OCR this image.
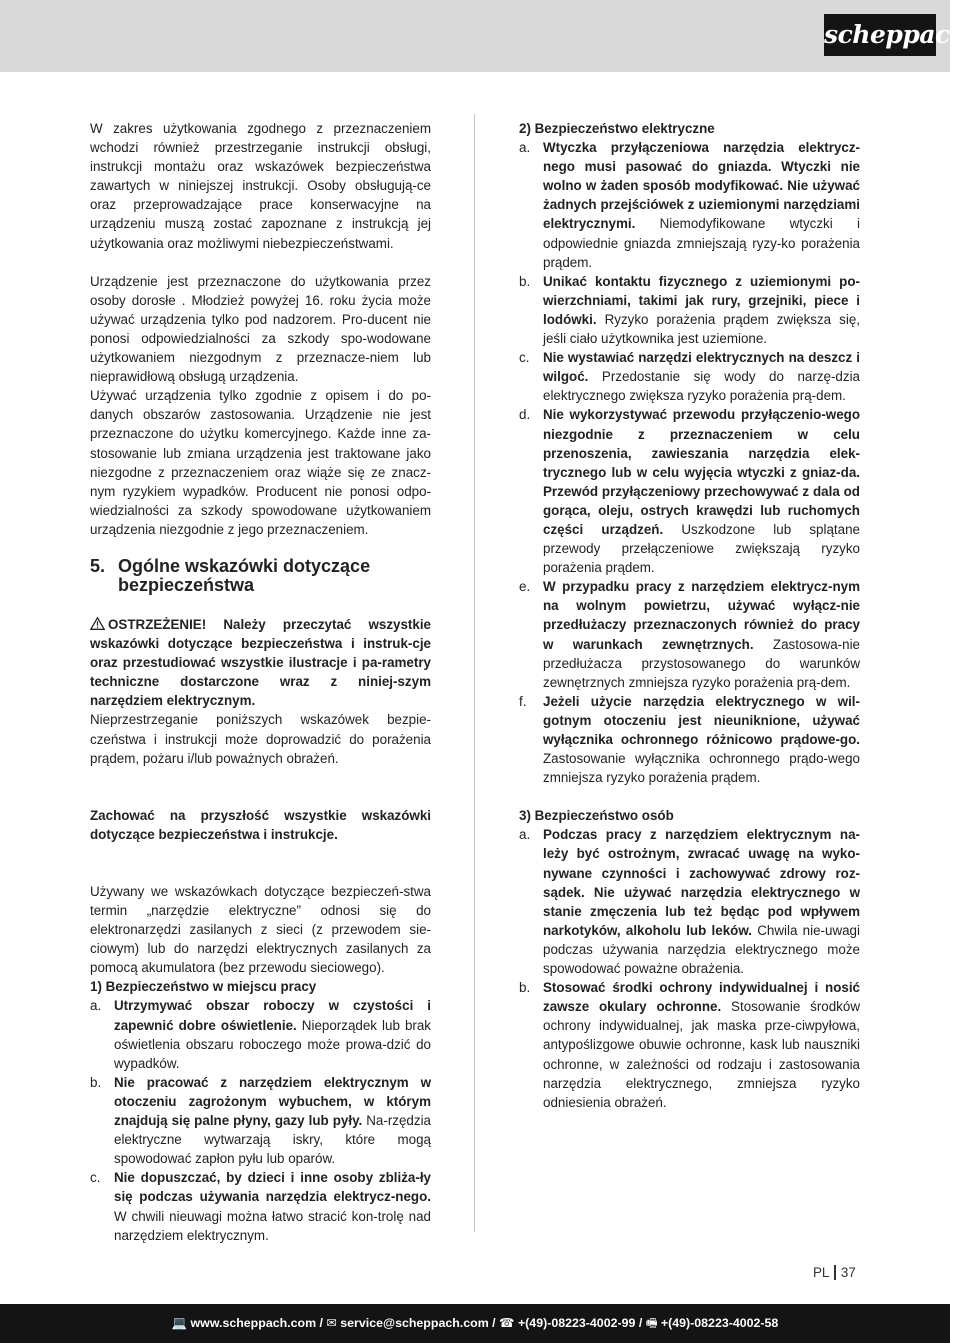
scheppach

W zakres użytkowania zgodnego z przeznaczeniem wchodzi również przestrzeganie instrukcji obsługi, instrukcji montażu oraz wskazówek bezpieczeństwa zawartych w niniejszej instrukcji. Osoby obsługują-ce oraz przeprowadzające prace konserwacyjne na urządzeniu muszą zostać zapoznane z instrukcją jej użytkowania oraz możliwymi niebezpieczeństwami.

Urządzenie jest przeznaczone do użytkowania przez osoby dorosłe . Młodzież powyżej 16. roku życia może używać urządzenia tylko pod nadzorem. Pro-ducent nie ponosi odpowiedzialności za szkody spo-wodowane użytkowaniem niezgodnym z przeznacze-niem lub nieprawidłową obsługą urządzenia.

Używać urządzenia tylko zgodnie z opisem i do po-danych obszarów zastosowania. Urządzenie nie jest przeznaczone do użytku komercyjnego. Każde inne za-stosowanie lub zmiana urządzenia jest traktowane jako niezgodne z przeznaczeniem oraz wiąże się ze znacz-nym ryzykiem wypadków. Producent nie ponosi odpo-wiedzialności za szkody spowodowane użytkowaniem urządzenia niezgodnie z jego przeznaczeniem.

5. Ogólne wskazówki dotyczące bezpieczeństwa

OSTRZEŻENIE! Należy przeczytać wszystkie wskazówki dotyczące bezpieczeństwa i instruk-cje oraz przestudiować wszystkie ilustracje i pa-rametry techniczne dostarczone wraz z niniej-szym narzędziem elektrycznym.

Nieprzestrzeganie poniższych wskazówek bezpie-czeństwa i instrukcji może doprowadzić do porażenia prądem, pożaru i/lub poważnych obrażeń.

Zachować na przyszłość wszystkie wskazówki dotyczące bezpieczeństwa i instrukcje.

Używany we wskazówkach dotyczące bezpieczeń-stwa termin „narzędzie elektryczne” odnosi się do elektronarzędzi zasilanych z sieci (z przewodem sie-ciowym) lub do narzędzi elektrycznych zasilanych za pomocą akumulatora (bez przewodu sieciowego).

1) Bezpieczeństwo w miejscu pracy

a. Utrzymywać obszar roboczy w czystości i zapewnić dobre oświetlenie. Nieporządek lub brak oświetlenia obszaru roboczego może prowa-dzić do wypadków.
b. Nie pracować z narzędziem elektrycznym w otoczeniu zagrożonym wybuchem, w którym znajdują się palne płyny, gazy lub pyły. Na-rzędzia elektryczne wytwarzają iskry, które mogą spowodować zapłon pyłu lub oparów.
c. Nie dopuszczać, by dzieci i inne osoby zbliża-ły się podczas używania narzędzia elektrycz-nego. W chwili nieuwagi można łatwo stracić kon-trolę nad narzędziem elektrycznym.

2) Bezpieczeństwo elektryczne

a. Wtyczka przyłączeniowa narzędzia elektrycz-nego musi pasować do gniazda. Wtyczki nie wolno w żaden sposób modyfikować. Nie używać żadnych przejściówek z uziemionymi narzędziami elektrycznymi. Niemodyfikowane wtyczki i odpowiednie gniazda zmniejszają ryzy-ko porażenia prądem.
b. Unikać kontaktu fizycznego z uziemionymi po-wierzchniami, takimi jak rury, grzejniki, piece i lodówki. Ryzyko porażenia prądem zwiększa się, jeśli ciało użytkownika jest uziemione.
c. Nie wystawiać narzędzi elektrycznych na deszcz i wilgoć. Przedostanie się wody do narzę-dzia elektrycznego zwiększa ryzyko porażenia prą-dem.
d. Nie wykorzystywać przewodu przyłączenio-wego niezgodnie z przeznaczeniem w celu przenoszenia, zawieszania narzędzia elek-trycznego lub w celu wyjęcia wtyczki z gniaz-da. Przewód przyłączeniowy przechowywać z dala od gorąca, oleju, ostrych krawędzi lub ruchomych części urządzeń. Uszkodzone lub splątane przewody przełączeniowe zwiększają ryzyko porażenia prądem.
e. W przypadku pracy z narzędziem elektrycz-nym na wolnym powietrzu, używać wyłącz-nie przedłużaczy przeznaczonych również do pracy w warunkach zewnętrznych. Zastosowa-nie przedłużacza przystosowanego do warunków zewnętrznych zmniejsza ryzyko porażenia prą-dem.
f. Jeżeli użycie narzędzia elektrycznego w wil-gotnym otoczeniu jest nieuniknione, używać wyłącznika ochronnego różnicowo prądowe-go. Zastosowanie wyłącznika ochronnego prądo-wego zmniejsza ryzyko porażenia prądem.

3) Bezpieczeństwo osób

a. Podczas pracy z narzędziem elektrycznym na-leży być ostrożnym, zwracać uwagę na wyko-nywane czynności i zachowywać zdrowy roz-sądek. Nie używać narzędzia elektrycznego w stanie zmęczenia lub też będąc pod wpływem narkotyków, alkoholu lub leków. Chwila nie-uwagi podczas używania narzędzia elektrycznego może spowodować poważne obrażenia.
b. Stosować środki ochrony indywidualnej i nosić zawsze okulary ochronne. Stosowanie środków ochrony indywidualnej, jak maska prze-ciwpyłowa, antypoślizgowe obuwie ochronne, kask lub nauszniki ochronne, w zależności od rodzaju i zastosowania narzędzia elektrycznego, zmniejsza ryzyko odniesienia obrażeń.
PL 37
💻 www.scheppach.com / ✉ service@scheppach.com / ☎ +(49)-08223-4002-99 / 🖷 +(49)-08223-4002-58
